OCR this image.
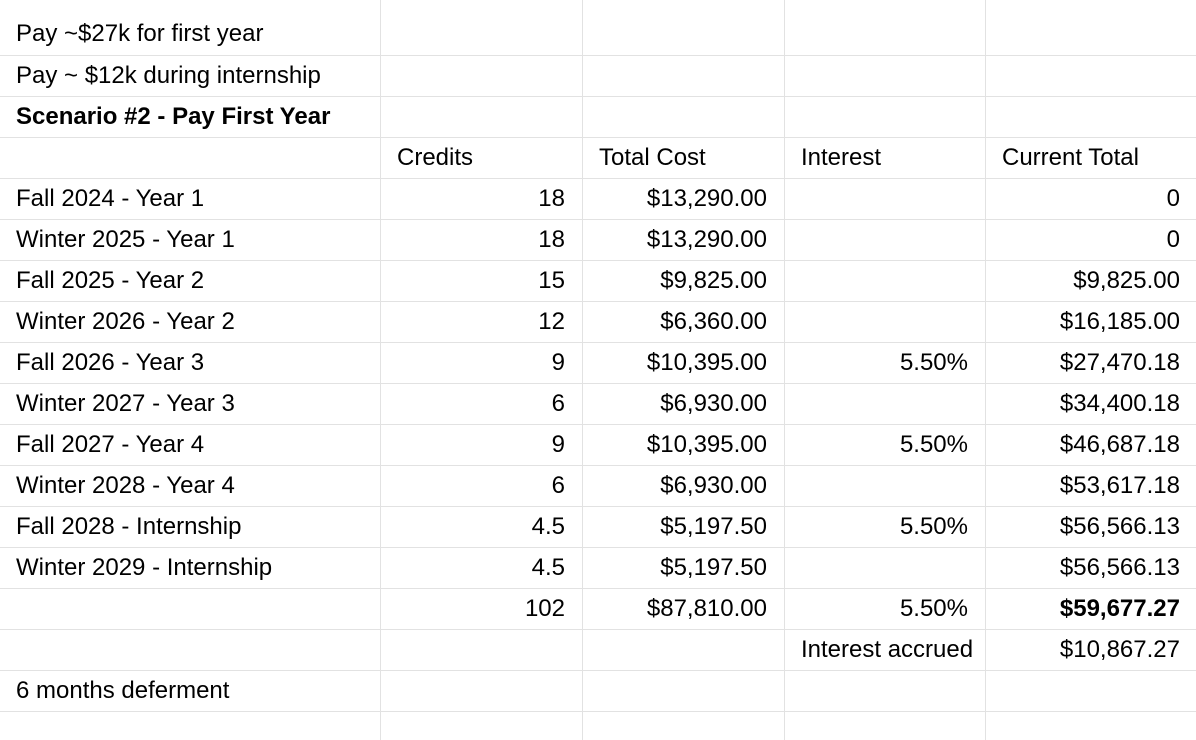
Pay ~$27k for first year				
Pay ~ $12k during internship				
Scenario #2 - Pay First Year				
	Credits	Total Cost	Interest	Current Total
Fall 2024 - Year 1	18	$13,290.00		0
Winter 2025 - Year 1	18	$13,290.00		0
Fall 2025 - Year 2	15	$9,825.00		$9,825.00
Winter 2026 - Year 2	12	$6,360.00		$16,185.00
Fall 2026 - Year 3	9	$10,395.00	5.50%	$27,470.18
Winter 2027 - Year 3	6	$6,930.00		$34,400.18
Fall 2027 - Year 4	9	$10,395.00	5.50%	$46,687.18
Winter 2028 - Year 4	6	$6,930.00		$53,617.18
Fall 2028 - Internship	4.5	$5,197.50	5.50%	$56,566.13
Winter 2029 - Internship	4.5	$5,197.50		$56,566.13
	102	$87,810.00	5.50%	$59,677.27
			Interest accrued	$10,867.27
6 months deferment				
